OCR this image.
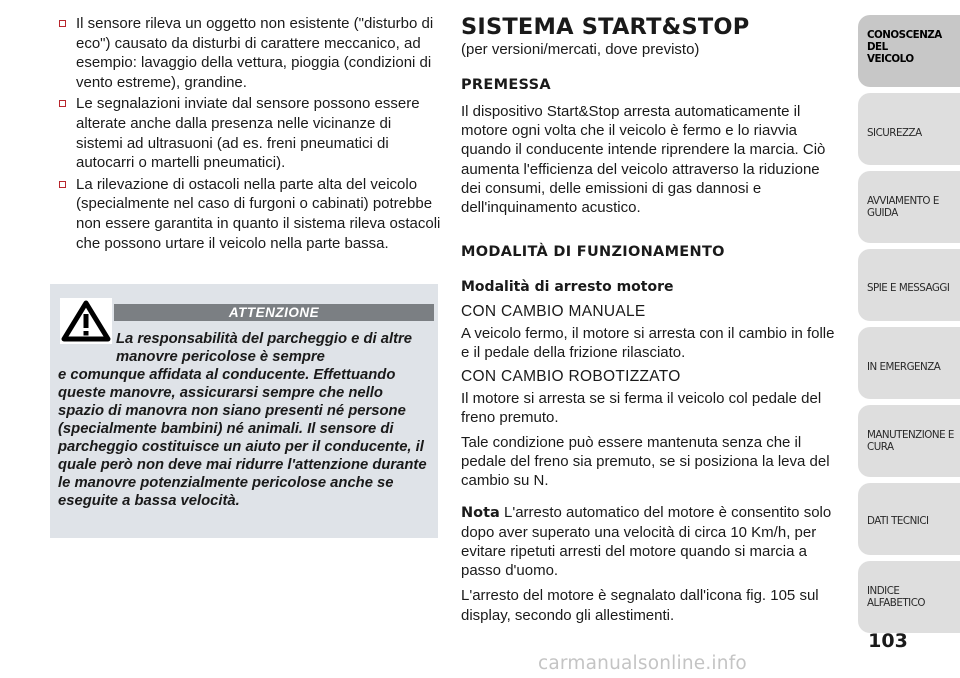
Il sensore rileva un oggetto non esistente ("disturbo di eco") causato da disturbi di carattere meccanico, ad esempio: lavaggio della vettura, pioggia (condizioni di vento estreme), grandine.
Le segnalazioni inviate dal sensore possono essere alterate anche dalla presenza nelle vicinanze di sistemi ad ultrasuoni (ad es. freni pneumatici di autocarri o martelli pneumatici).
La rilevazione di ostacoli nella parte alta del veicolo (specialmente nel caso di furgoni o cabinati) potrebbe non essere garantita in quanto il sistema rileva ostacoli che possono urtare il veicolo nella parte bassa.
ATTENZIONE
La responsabilità del parcheggio e di altre manovre pericolose è sempre
e comunque affidata al conducente. Effettuando queste manovre, assicurarsi sempre che nello spazio di manovra non siano presenti né persone (specialmente bambini) né animali. Il sensore di parcheggio costituisce un aiuto per il conducente, il quale però non deve mai ridurre l'attenzione durante le manovre potenzialmente pericolose anche se eseguite a bassa velocità.
SISTEMA START&STOP

(per versioni/mercati, dove previsto)

PREMESSA

Il dispositivo Start&Stop arresta automaticamente il motore ogni volta che il veicolo è fermo e lo riavvia quando il conducente intende riprendere la marcia. Ciò aumenta l'efficienza del veicolo attraverso la riduzione dei consumi, delle emissioni di gas dannosi e dell'inquinamento acustico.

MODALITÀ DI FUNZIONAMENTO
Modalità di arresto motore

CON CAMBIO MANUALE

A veicolo fermo, il motore si arresta con il cambio in folle e il pedale della frizione rilasciato.

CON CAMBIO ROBOTIZZATO

Il motore si arresta se si ferma il veicolo col pedale del freno premuto.

Tale condizione può essere mantenuta senza che il pedale del freno sia premuto, se si posiziona la leva del cambio su N.

Nota L'arresto automatico del motore è consentito solo dopo aver superato una velocità di circa 10 Km/h, per evitare ripetuti arresti del motore quando si marcia a passo d'uomo.

L'arresto del motore è segnalato dall'icona fig. 105 sul display, secondo gli allestimenti.

CONOSCENZA DEL
VEICOLO
SICUREZZA
AVVIAMENTO E
GUIDA
SPIE E MESSAGGI
IN EMERGENZA
MANUTENZIONE E
CURA
DATI TECNICI
INDICE ALFABETICO
103
carmanualsonline.info
